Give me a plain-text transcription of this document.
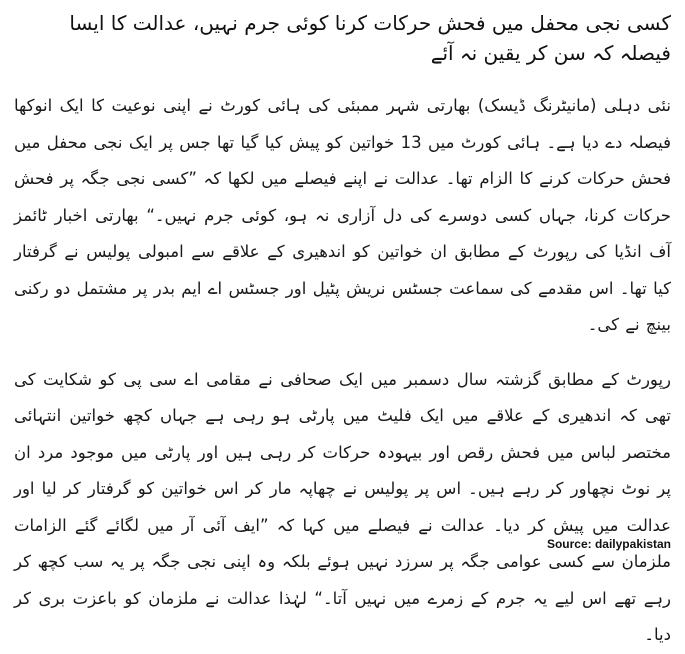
کسی نجی محفل میں فحش حرکات کرنا کوئی جرم نہیں، عدالت کا ایسا فیصلہ کہ سن کر یقین نہ آئے

نئی دہلی (مانیٹرنگ ڈیسک) بھارتی شہر ممبئی کی ہائی کورٹ نے اپنی نوعیت کا ایک انوکھا فیصلہ دے دیا ہے۔ ہائی کورٹ میں 13 خواتین کو پیش کیا گیا تھا جس پر ایک نجی محفل میں فحش حرکات کرنے کا الزام تھا۔ عدالت نے اپنے فیصلے میں لکھا کہ ”کسی نجی جگہ پر فحش حرکات کرنا، جہاں کسی دوسرے کی دل آزاری نہ ہو، کوئی جرم نہیں۔“ بھارتی اخبار ٹائمز آف انڈیا کی رپورٹ کے مطابق ان خواتین کو اندھیری کے علاقے سے امبولی پولیس نے گرفتار کیا تھا۔ اس مقدمے کی سماعت جسٹس نریش پٹیل اور جسٹس اے ایم بدر پر مشتمل دو رکنی بینچ نے کی۔

رپورٹ کے مطابق گزشتہ سال دسمبر میں ایک صحافی نے مقامی اے سی پی کو شکایت کی تھی کہ اندھیری کے علاقے میں ایک فلیٹ میں پارٹی ہو رہی ہے جہاں کچھ خواتین انتہائی مختصر لباس میں فحش رقص اور بیہودہ حرکات کر رہی ہیں اور پارٹی میں موجود مرد ان پر نوٹ نچھاور کر رہے ہیں۔ اس پر پولیس نے چھاپہ مار کر اس خواتین کو گرفتار کر لیا اور عدالت میں پیش کر دیا۔ عدالت نے فیصلے میں کہا کہ ”ایف آئی آر میں لگائے گئے الزامات ملزمان سے کسی عوامی جگہ پر سرزد نہیں ہوئے بلکہ وہ اپنی نجی جگہ پر یہ سب کچھ کر رہے تھے اس لیے یہ جرم کے زمرے میں نہیں آتا۔“ لہٰذا عدالت نے ملزمان کو باعزت بری کر دیا۔

Source: dailypakistan
